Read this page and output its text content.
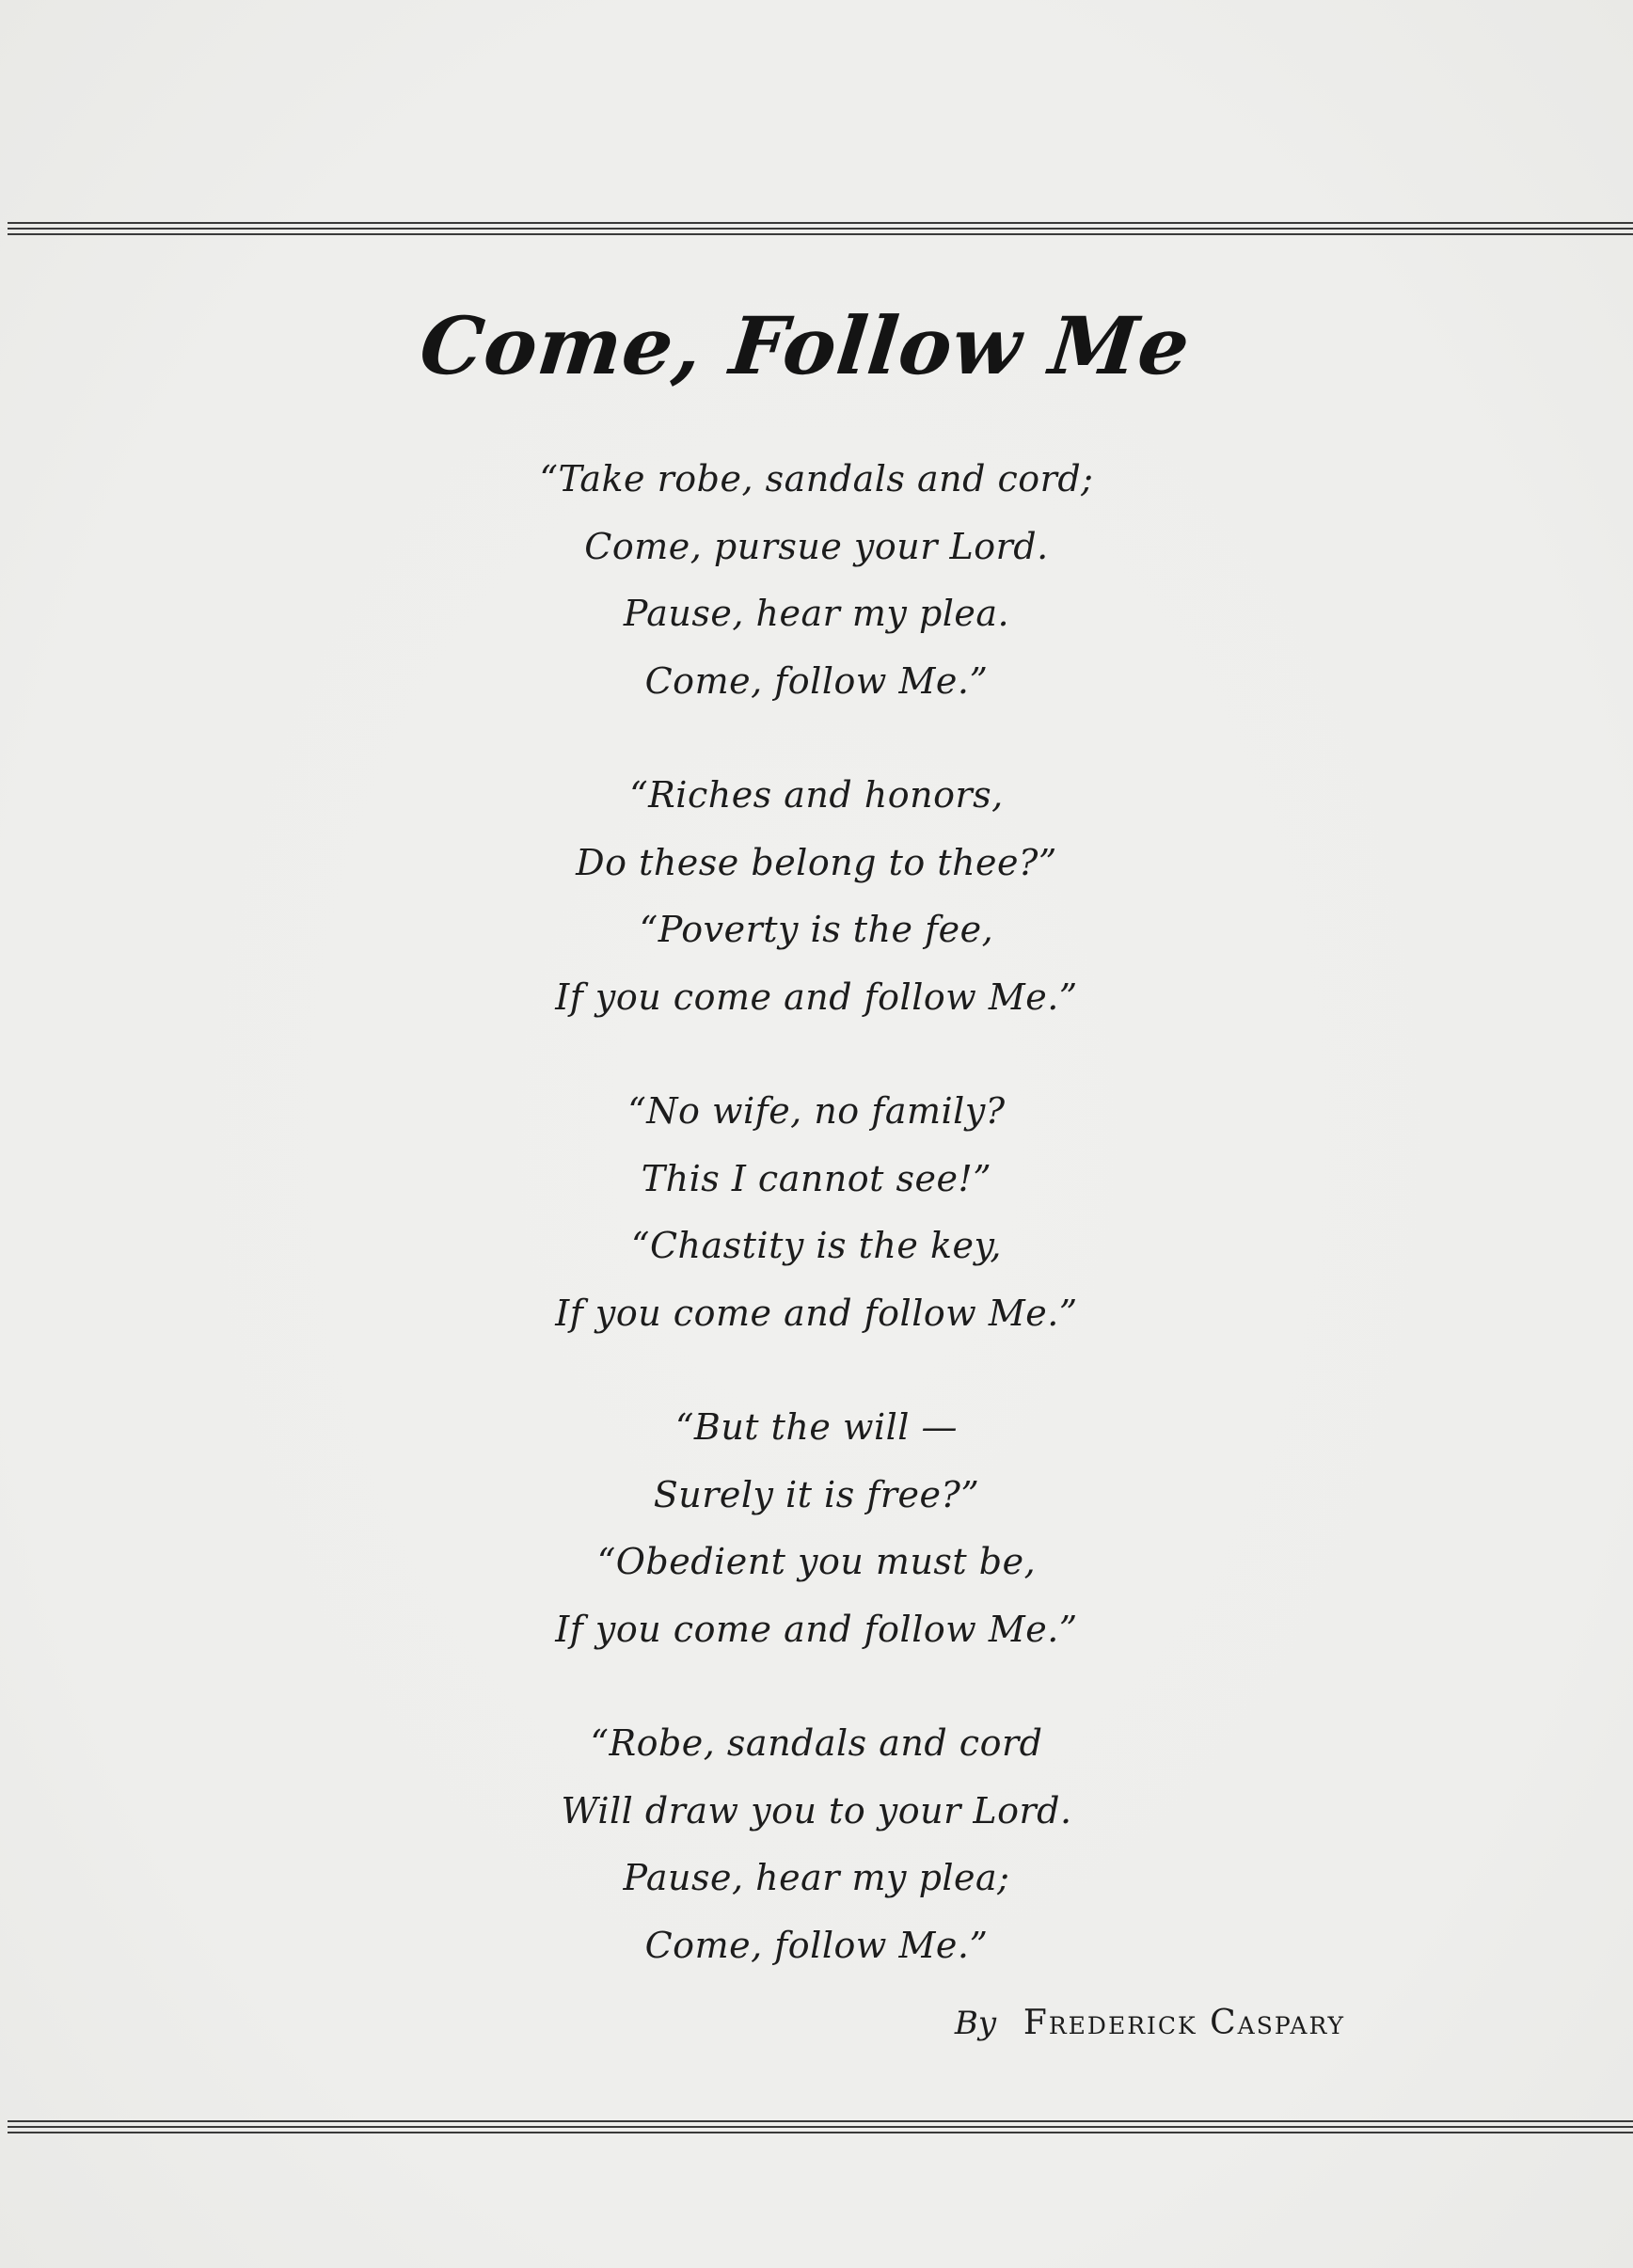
Come, Follow Me
“Take robe, sandals and cord;
Come, pursue your Lord.
Pause, hear my plea.
Come, follow Me.”
“Riches and honors,
Do these belong to thee?”
“Poverty is the fee,
If you come and follow Me.”
“No wife, no family?
This I cannot see!”
“Chastity is the key,
If you come and follow Me.”
“But the will —
Surely it is free?”
“Obedient you must be,
If you come and follow Me.”
“Robe, sandals and cord
Will draw you to your Lord.
Pause, hear my plea;
Come, follow Me.”
By Frederick Caspary
